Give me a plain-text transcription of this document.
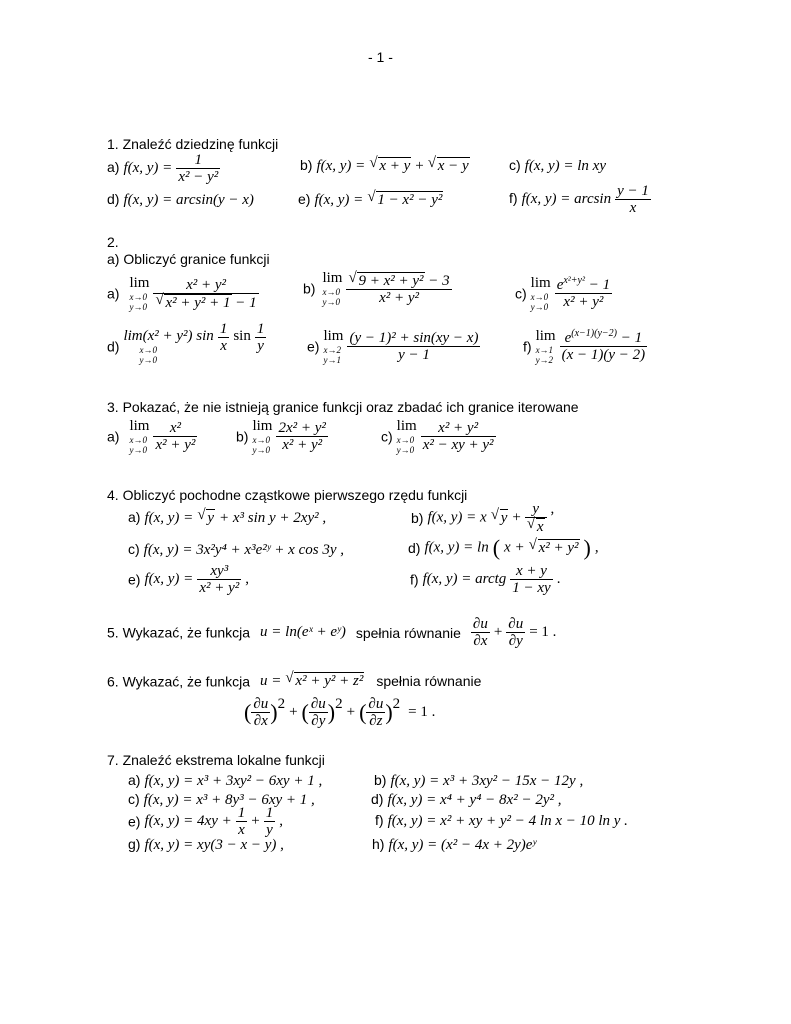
- 1 -
1. Znaleźć dziedzinę funkcji
a) f(x, $y) = \frac{1}{\text{x² − y²}}$	b) f(x, y) = √ x + y + √ x − y	c) f(x, y) = ln xy
d) f(x, y) = arcsin(y − x)	e) f(x, y) = √ 1 − x² − y²	f) f(x, $y) = \arcsin \frac{y - 1}{x}$
2.
a) Obliczyć granice funkcji
a)
lim
x→0
y→0
$\frac{\text{x² + y²}}{\text{√ x² + y² + 1 − 1}}$	b)
lim
x→0
y→0
$\frac{\text{√ 9 + x² + y² − 3}}{\text{x² + y²}}$	c)
lim
x→0
y→0
$\frac{e^{x^2+y^2} - 1}{\text{x² + y²}}$
d)
lim(x² + y²) sin
x→0
y→0

$\frac{1}{x}$ $\sin \frac{1}{y}$	e)
lim
x→2
y→1
$\frac{\text{(y − 1)² + sin(xy − x)}}{y - 1}$	f)
lim
x→1
y→2
$\frac{e^{(x-1)(y-2)} - 1}{(x - 1)(y - 2)}$
3. Pokazać, że nie istnieją granice funkcji oraz zbadać ich granice iterowane
a)
lim
x→0
y→0
$\frac{\text{x²}}{\text{x² + y²}}$	b)
lim
x→0
y→0
$\frac{\text{2x² + y²}}{\text{x² + y²}}$	c)
lim
x→0
y→0
$\frac{\text{x² + y²}}{\text{x² − xy + y²}}$
4. Obliczyć pochodne cząstkowe pierwszego rzędu funkcji
a) f(x, y) = √ y + x³ sin y + 2xy² ,	b) f(x, y) = x √ $y + \frac{y}{√ x}$ ,
c) f(x, y) = 3x²y⁴ + x³e²ʸ + x cos 3y ,	d) f(x, y) = ln ( x + √ x² + y² ) ,
e) f(x, $y) = \frac{\text{xy³}}{\text{x² + y²}}$ ,	f) f(x, y) = arctg $\frac{x + y}{1 - xy}$ .
5. Wykazać, że funkcja u = ln(eˣ + eʸ) spełnia równanie $\frac{\partial u}{\partial x} + \frac{\partial u}{\partial y} = 1$ .
6. Wykazać, że funkcja u = √ x² + y² + z² spełnia równanie
( $\frac{\partial u}{\partial x} )^2$ + ( $\frac{\partial u}{\partial y} )^2$ + ( $\frac{\partial u}{\partial z} )^2 = 1$ .
7. Znaleźć ekstrema lokalne funkcji
a) f(x, y) = x³ + 3xy² − 6xy + 1 ,	b) f(x, y) = x³ + 3xy² − 15x − 12y ,
c) f(x, y) = x³ + 8y³ − 6xy + 1 ,	d) f(x, y) = x⁴ + y⁴ − 8x² − 2y² ,
e) f(x, $y) = 4xy + \frac{1}{x} + \frac{1}{y}$ ,	f) f(x, y) = x² + xy + y² − 4 ln x − 10 ln y .
g) f(x, y) = xy(3 − x − y) ,	h) f(x, y) = (x² − 4x + 2y)eʸ
